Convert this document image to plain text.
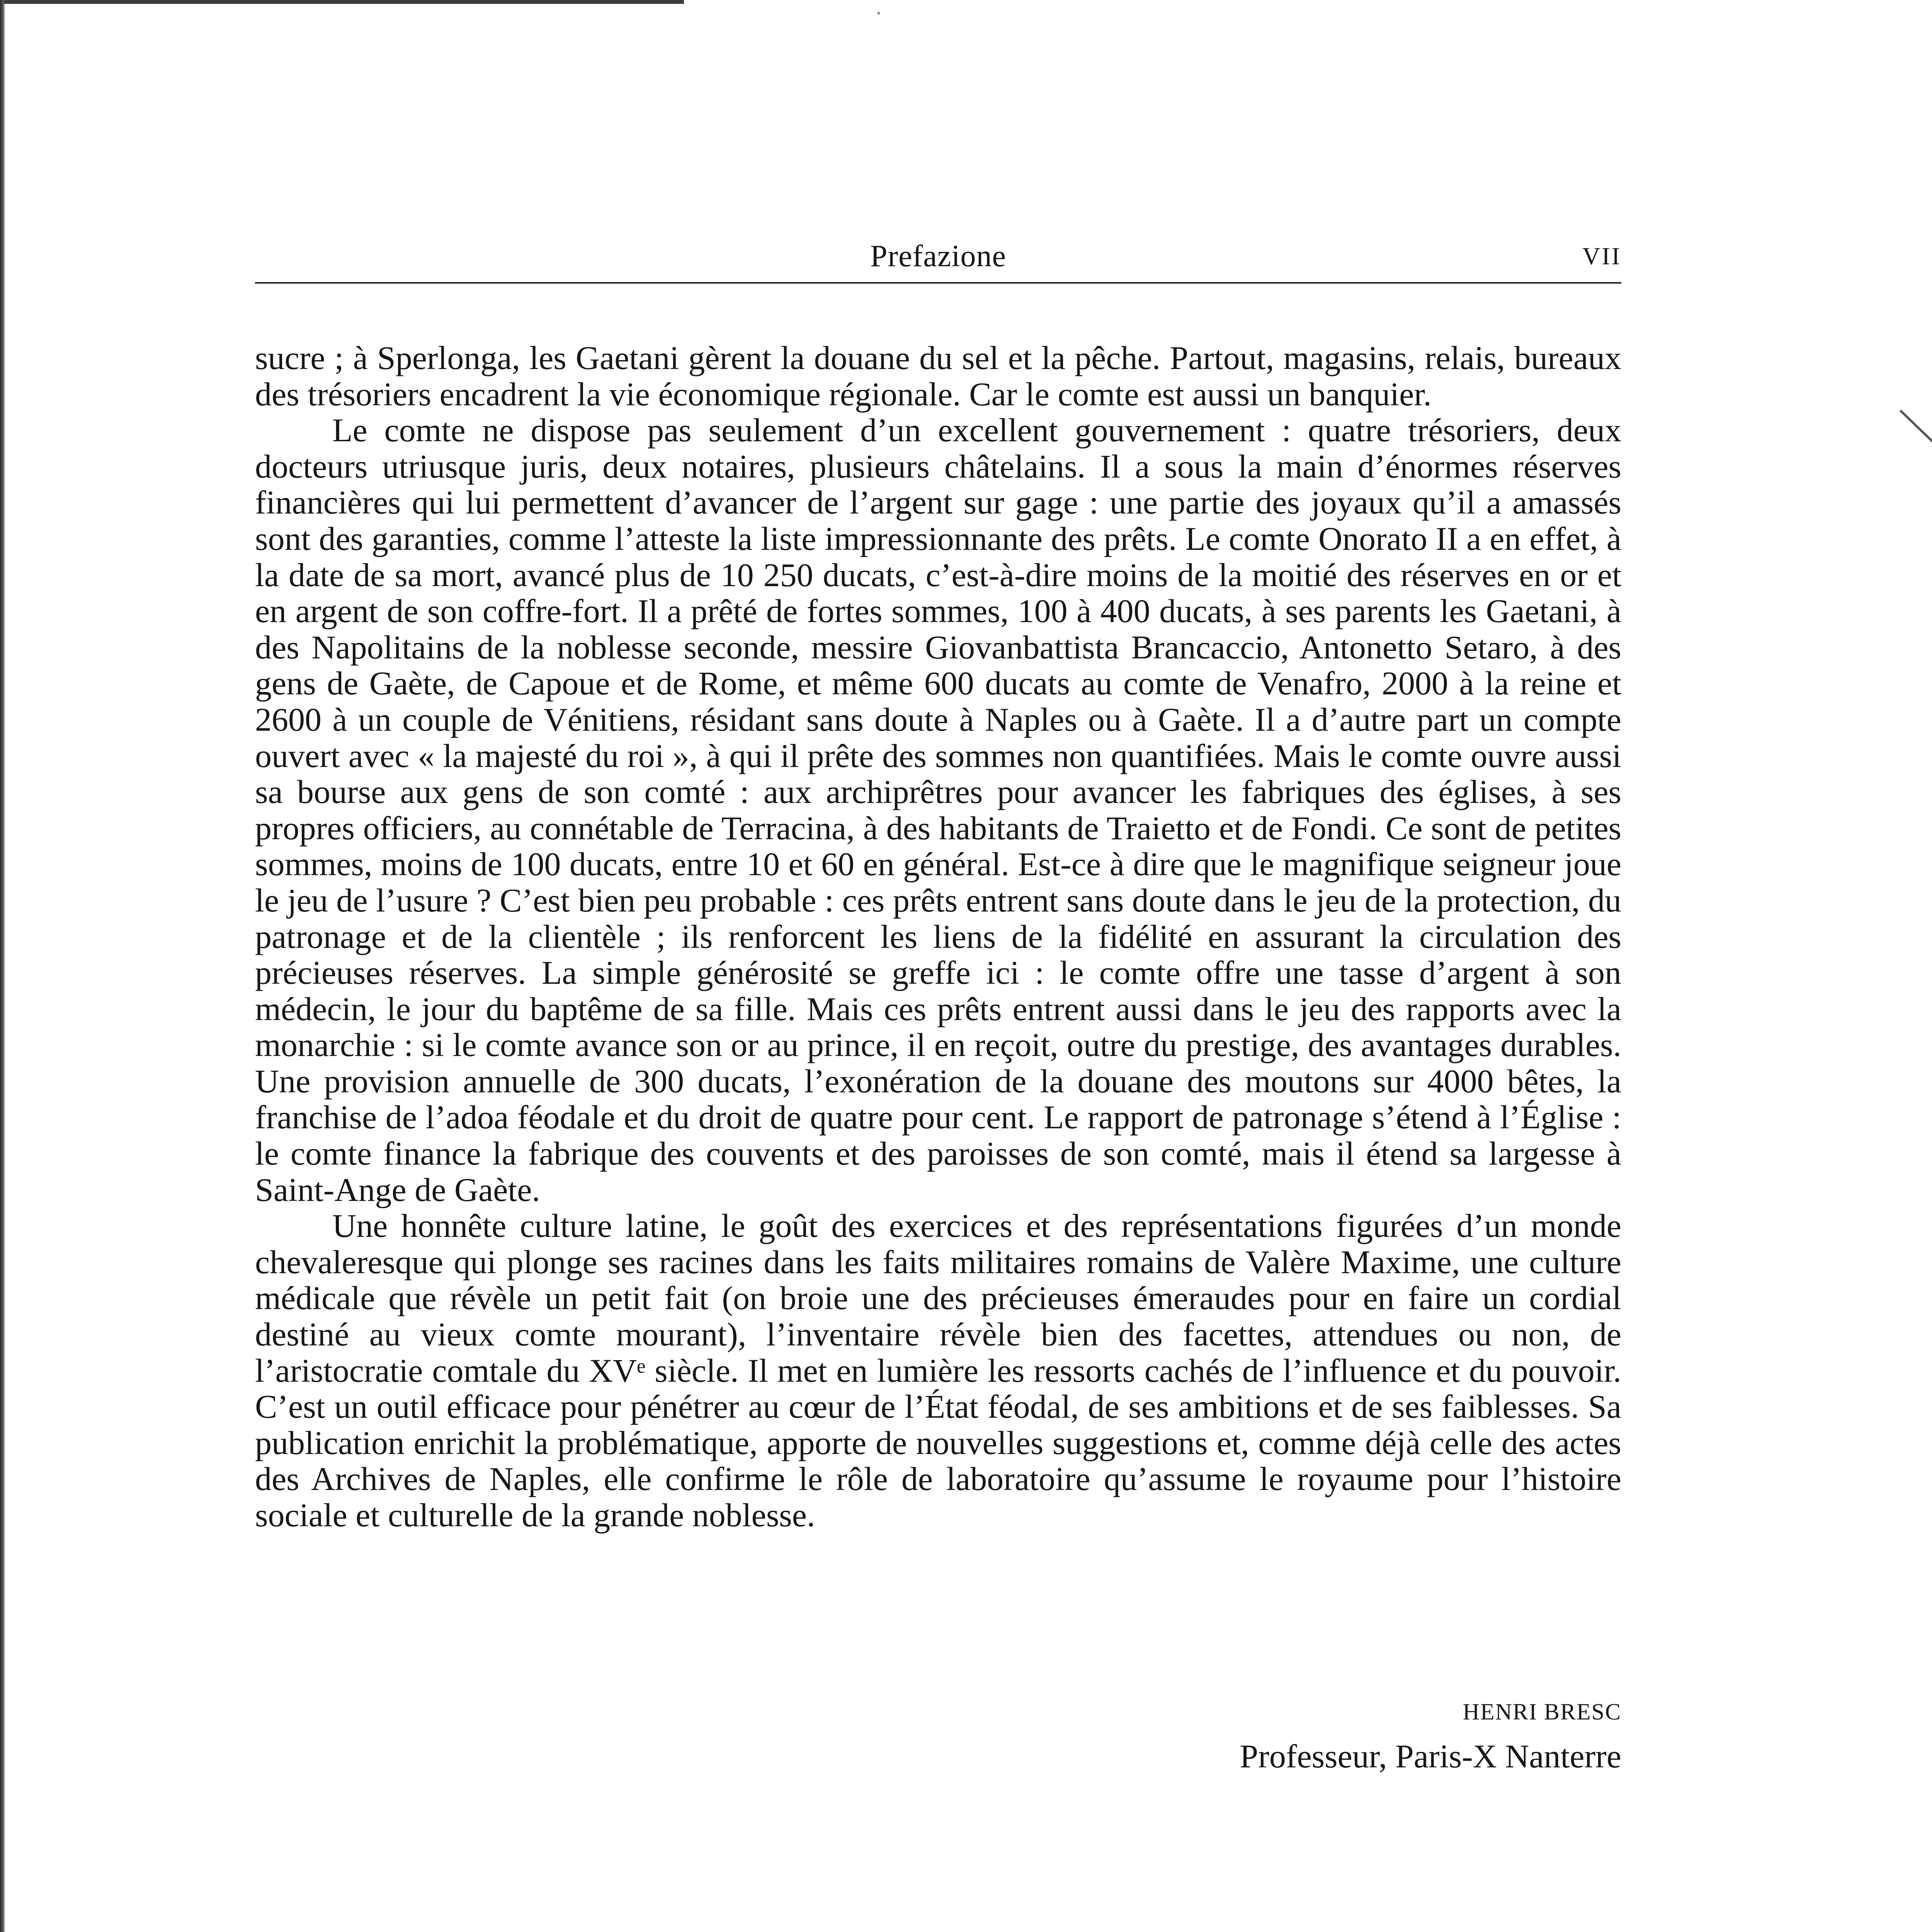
Prefazione	VII

sucre ; à Sperlonga, les Gaetani gèrent la douane du sel et la pêche. Partout, magasins, relais, bureaux des trésoriers encadrent la vie économique régionale. Car le comte est aussi un banquier.

Le comte ne dispose pas seulement d’un excellent gouvernement : quatre trésoriers, deux docteurs utriusque juris, deux notaires, plusieurs châtelains. Il a sous la main d’énormes réserves financières qui lui permettent d’avancer de l’argent sur gage : une partie des joyaux qu’il a amassés sont des garanties, comme l’atteste la liste impressionnante des prêts. Le comte Onorato II a en effet, à la date de sa mort, avancé plus de 10 250 ducats, c’est-à-dire moins de la moitié des réserves en or et en argent de son coffre-fort. Il a prêté de fortes sommes, 100 à 400 ducats, à ses parents les Gaetani, à des Napolitains de la noblesse seconde, messire Giovanbattista Brancaccio, Antonetto Setaro, à des gens de Gaète, de Capoue et de Rome, et même 600 ducats au comte de Venafro, 2000 à la reine et 2600 à un couple de Vénitiens, résidant sans doute à Naples ou à Gaète. Il a d’autre part un compte ouvert avec « la majesté du roi », à qui il prête des sommes non quantifiées. Mais le comte ouvre aussi sa bourse aux gens de son comté : aux archiprêtres pour avancer les fabriques des églises, à ses propres officiers, au connétable de Terracina, à des habitants de Traietto et de Fondi. Ce sont de petites sommes, moins de 100 ducats, entre 10 et 60 en général. Est-ce à dire que le magnifique seigneur joue le jeu de l’usure ? C’est bien peu probable : ces prêts entrent sans doute dans le jeu de la protection, du patronage et de la clientèle ; ils renforcent les liens de la fidélité en assurant la circulation des précieuses réserves. La simple générosité se greffe ici : le comte offre une tasse d’argent à son médecin, le jour du baptême de sa fille. Mais ces prêts entrent aussi dans le jeu des rapports avec la monarchie : si le comte avance son or au prince, il en reçoit, outre du prestige, des avantages durables. Une provision annuelle de 300 ducats, l’exonération de la douane des moutons sur 4000 bêtes, la franchise de l’adoa féodale et du droit de quatre pour cent. Le rapport de patronage s’étend à l’Église : le comte finance la fabrique des couvents et des paroisses de son comté, mais il étend sa largesse à Saint-Ange de Gaète.

Une honnête culture latine, le goût des exercices et des représentations figurées d’un monde chevaleresque qui plonge ses racines dans les faits militaires romains de Valère Maxime, une culture médicale que révèle un petit fait (on broie une des précieuses émeraudes pour en faire un cordial destiné au vieux comte mourant), l’inventaire révèle bien des facettes, attendues ou non, de l’aristocratie comtale du XVᵉ siècle. Il met en lumière les ressorts cachés de l’influence et du pouvoir. C’est un outil efficace pour pénétrer au cœur de l’État féodal, de ses ambitions et de ses faiblesses. Sa publication enrichit la problématique, apporte de nouvelles suggestions et, comme déjà celle des actes des Archives de Naples, elle confirme le rôle de laboratoire qu’assume le royaume pour l’histoire sociale et culturelle de la grande noblesse.

HENRI BRESC
Professeur, Paris-X Nanterre
